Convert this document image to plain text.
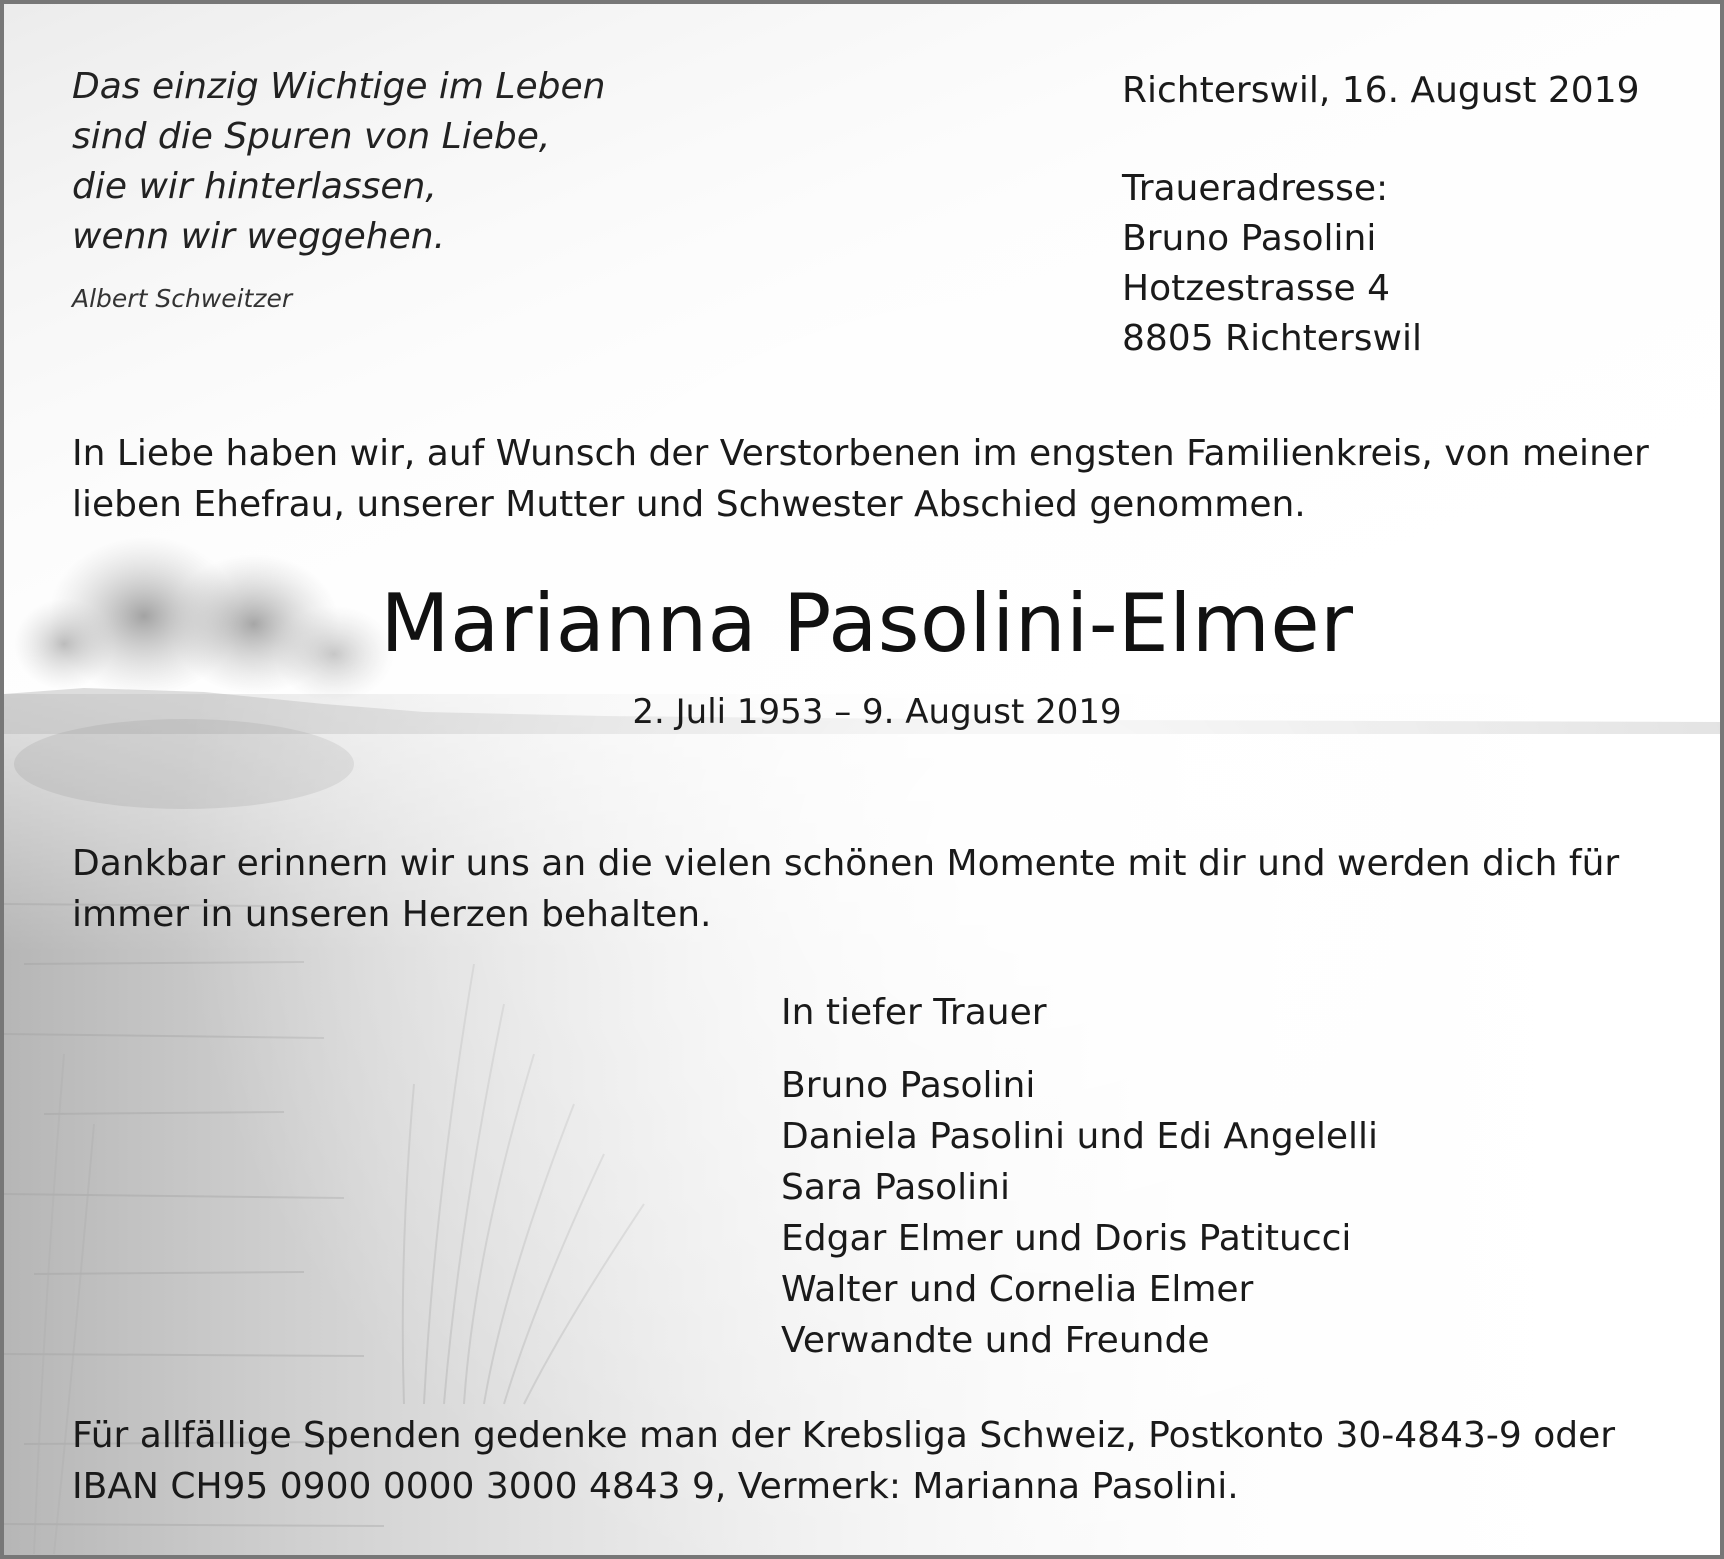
Das einzig Wichtige im Leben
sind die Spuren von Liebe,
die wir hinterlassen,
wenn wir weggehen.
Albert Schweitzer
Richterswil, 16. August 2019
Traueradresse:
Bruno Pasolini
Hotzestrasse 4
8805 Richterswil
In Liebe haben wir, auf Wunsch der Verstorbenen im engsten Familienkreis, von meiner
lieben Ehefrau, unserer Mutter und Schwester Abschied genommen.
Marianna Pasolini-Elmer
2. Juli 1953 – 9. August 2019
Dankbar erinnern wir uns an die vielen schönen Momente mit dir und werden dich für
immer in unseren Herzen behalten.
In tiefer Trauer
Bruno Pasolini
Daniela Pasolini und Edi Angelelli
Sara Pasolini
Edgar Elmer und Doris Patitucci
Walter und Cornelia Elmer
Verwandte und Freunde
Für allfällige Spenden gedenke man der Krebsliga Schweiz, Postkonto 30-4843-9 oder
IBAN CH95 0900 0000 3000 4843 9, Vermerk: Marianna Pasolini.
